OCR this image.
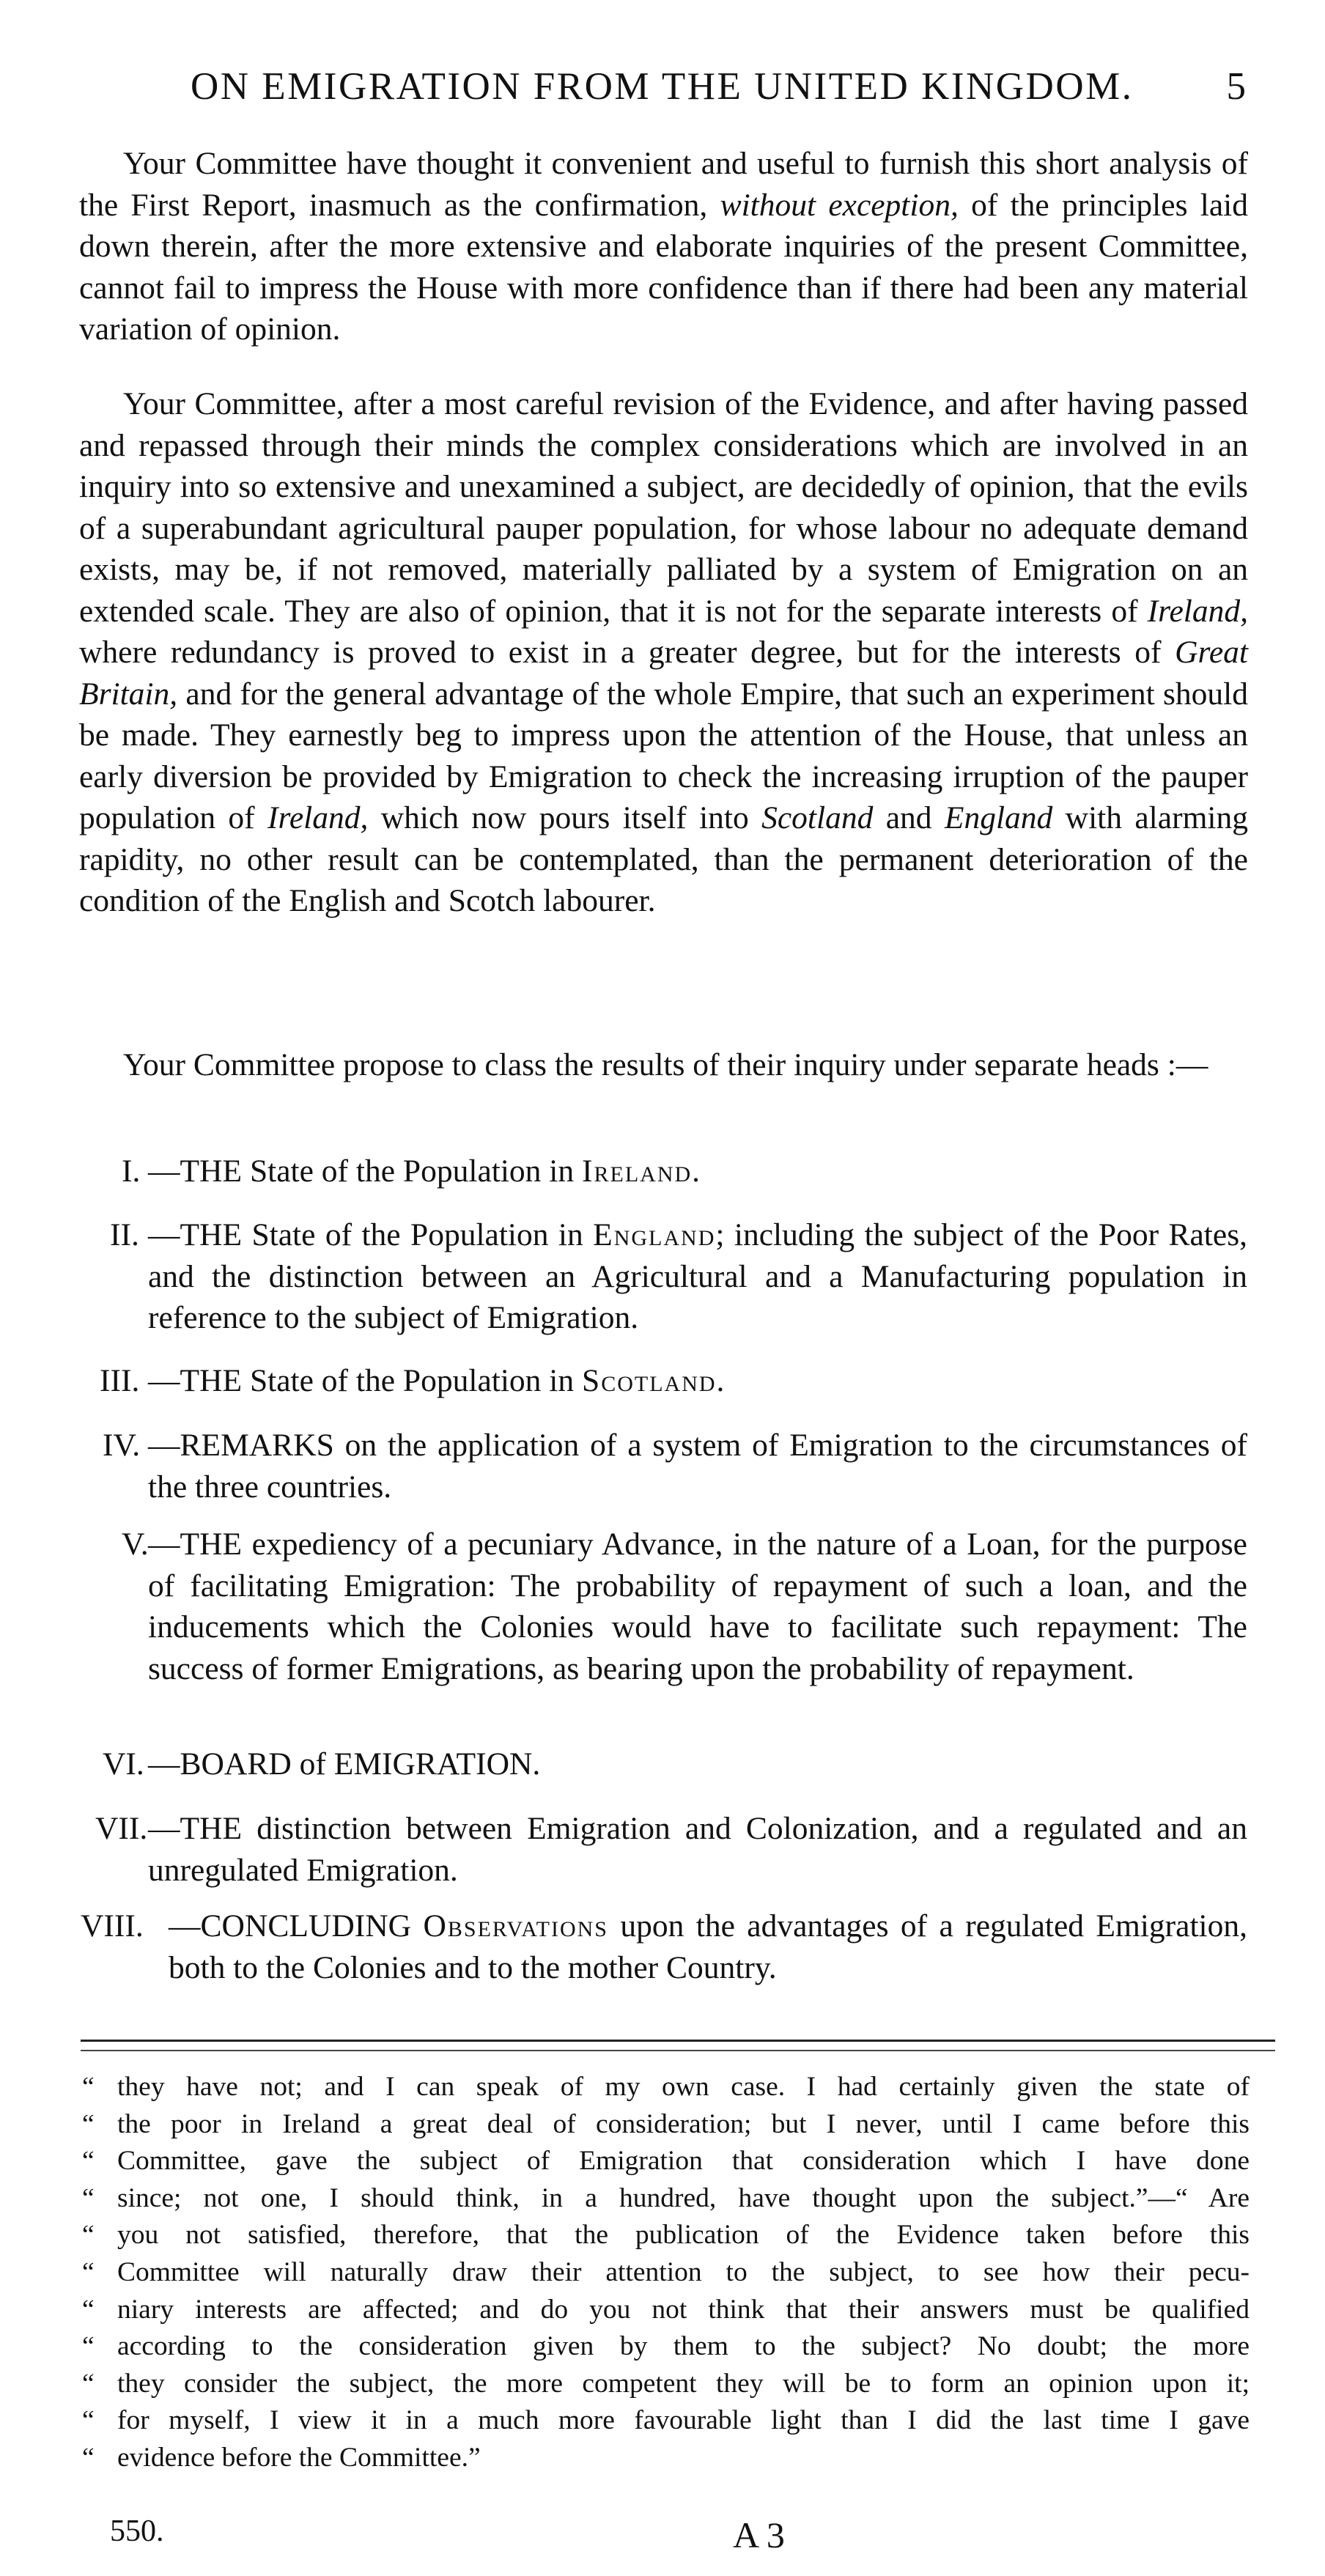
ON EMIGRATION FROM THE UNITED KINGDOM. 5

Your Committee have thought it convenient and useful to furnish this short analysis of the First Report, inasmuch as the confirmation, without exception, of the principles laid down therein, after the more extensive and elaborate inquiries of the present Committee, cannot fail to impress the House with more confidence than if there had been any material variation of opinion.

Your Committee, after a most careful revision of the Evidence, and after having passed and repassed through their minds the complex considerations which are involved in an inquiry into so extensive and unexamined a subject, are decidedly of opinion, that the evils of a superabundant agricultural pauper population, for whose labour no adequate demand exists, may be, if not removed, materially palliated by a system of Emigration on an extended scale. They are also of opinion, that it is not for the separate interests of Ireland, where redundancy is proved to exist in a greater degree, but for the interests of Great Britain, and for the general advantage of the whole Empire, that such an experiment should be made. They earnestly beg to impress upon the attention of the House, that unless an early diversion be provided by Emigration to check the increasing irruption of the pauper population of Ireland, which now pours itself into Scotland and England with alarming rapidity, no other result can be contemplated, than the permanent deterioration of the condition of the English and Scotch labourer.

Your Committee propose to class the results of their inquiry under separate heads :—

I. —THE State of the Population in Ireland.
II. —THE State of the Population in England; including the subject of the Poor Rates, and the distinction between an Agricultural and a Manufacturing population in reference to the subject of Emigration.
III. —THE State of the Population in Scotland.
IV. —REMARKS on the application of a system of Emigration to the circumstances of the three countries.
V. —THE expediency of a pecuniary Advance, in the nature of a Loan, for the purpose of facilitating Emigration: The probability of repayment of such a loan, and the inducements which the Colonies would have to facilitate such repayment: The success of former Emigrations, as bearing upon the probability of repayment.
VI. —BOARD of EMIGRATION.
VII. —THE distinction between Emigration and Colonization, and a regulated and an unregulated Emigration.
VIII. —CONCLUDING Observations upon the advantages of a regulated Emigration, both to the Colonies and to the mother Country.
“ they have not; and I can speak of my own case. I had certainly given the state of
“ the poor in Ireland a great deal of consideration; but I never, until I came before this
“ Committee, gave the subject of Emigration that consideration which I have done
“ since; not one, I should think, in a hundred, have thought upon the subject.”—“ Are
“ you not satisfied, therefore, that the publication of the Evidence taken before this
“ Committee will naturally draw their attention to the subject, to see how their pecu-
“ niary interests are affected; and do you not think that their answers must be qualified
“ according to the consideration given by them to the subject? No doubt; the more
“ they consider the subject, the more competent they will be to form an opinion upon it;
“ for myself, I view it in a much more favourable light than I did the last time I gave
“ evidence before the Committee.”
550.	A 3
